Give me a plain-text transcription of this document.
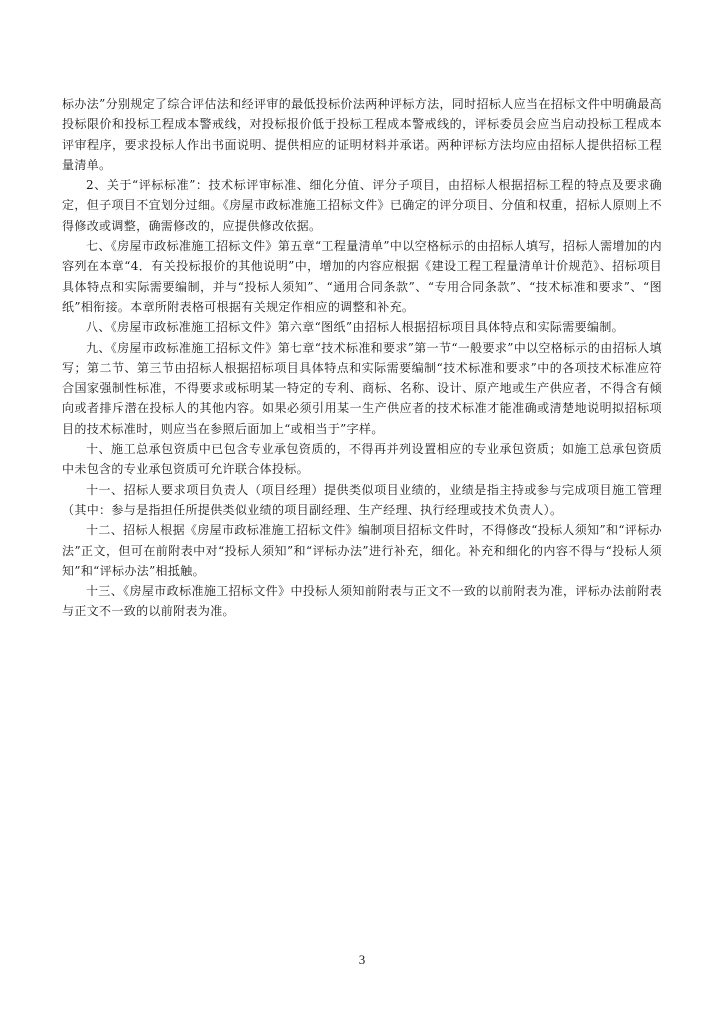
标办法”分别规定了综合评估法和经评审的最低投标价法两种评标方法，同时招标人应当在招标文件中明确最高投标限价和投标工程成本警戒线，对投标报价低于投标工程成本警戒线的，评标委员会应当启动投标工程成本评审程序，要求投标人作出书面说明、提供相应的证明材料并承诺。两种评标方法均应由招标人提供招标工程量清单。

2、关于“评标标准”：技术标评审标准、细化分值、评分子项目，由招标人根据招标工程的特点及要求确定，但子项目不宜划分过细。《房屋市政标准施工招标文件》已确定的评分项目、分值和权重，招标人原则上不得修改或调整，确需修改的，应提供修改依据。

七、《房屋市政标准施工招标文件》第五章“工程量清单”中以空格标示的由招标人填写，招标人需增加的内容列在本章“4．有关投标报价的其他说明”中，增加的内容应根据《建设工程工程量清单计价规范》、招标项目具体特点和实际需要编制，并与“投标人须知”、“通用合同条款”、“专用合同条款”、“技术标准和要求”、“图纸”相衔接。本章所附表格可根据有关规定作相应的调整和补充。

八、《房屋市政标准施工招标文件》第六章“图纸”由招标人根据招标项目具体特点和实际需要编制。

九、《房屋市政标准施工招标文件》第七章“技术标准和要求”第一节“一般要求”中以空格标示的由招标人填写；第二节、第三节由招标人根据招标项目具体特点和实际需要编制“技术标准和要求”中的各项技术标准应符合国家强制性标准，不得要求或标明某一特定的专利、商标、名称、设计、原产地或生产供应者，不得含有倾向或者排斥潜在投标人的其他内容。如果必须引用某一生产供应者的技术标准才能准确或清楚地说明拟招标项目的技术标准时，则应当在参照后面加上“或相当于”字样。

十、施工总承包资质中已包含专业承包资质的，不得再并列设置相应的专业承包资质；如施工总承包资质中未包含的专业承包资质可允许联合体投标。

十一、招标人要求项目负责人（项目经理）提供类似项目业绩的，业绩是指主持或参与完成项目施工管理（其中：参与是指担任所提供类似业绩的项目副经理、生产经理、执行经理或技术负责人）。

十二、招标人根据《房屋市政标准施工招标文件》编制项目招标文件时，不得修改“投标人须知”和“评标办法”正文，但可在前附表中对“投标人须知”和“评标办法”进行补充，细化。补充和细化的内容不得与“投标人须知”和“评标办法”相抵触。

十三、《房屋市政标准施工招标文件》中投标人须知前附表与正文不一致的以前附表为准，评标办法前附表与正文不一致的以前附表为准。

3
